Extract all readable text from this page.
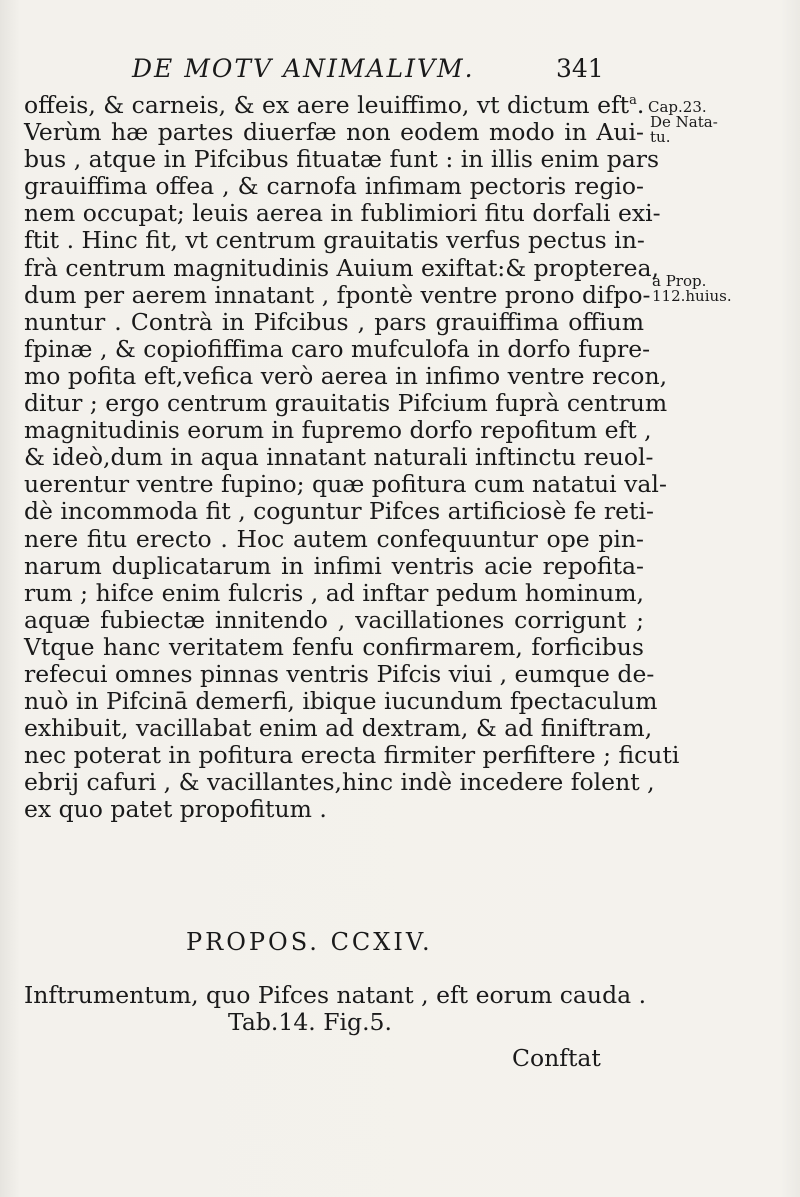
DE MOTV ANIMALIVM.	341
offeis, & carneis, & ex aere leuiffimo, vt dictum eft$^a$.
Verùm hæ partes diuerfæ non eodem modo in Aui-
bus , atque in Pifcibus fituatæ funt : in illis enim pars
grauiffima offea , & carnofa infimam pectoris regio-
nem occupat; leuis aerea in fublimiori fitu dorfali exi-
ftit . Hinc fit, vt centrum grauitatis verfus pectus in-
frà centrum magnitudinis Auium exiftat:& propterea,
dum per aerem innatant , fpontè ventre prono difpo-
nuntur . Contrà in Pifcibus , pars grauiffima offium
fpinæ , & copiofiffima caro mufculofa in dorfo fupre-
mo pofita eft,vefica verò aerea in infimo ventre recon,
ditur ; ergo centrum grauitatis Pifcium fuprà centrum
magnitudinis eorum in fupremo dorfo repofitum eft ,
& ideò,dum in aqua innatant naturali inftinctu reuol-
uerentur ventre fupino; quæ pofitura cum natatui val-
dè incommoda fit , coguntur Pifces artificiosè fe reti-
nere fitu erecto . Hoc autem confequuntur ope pin-
narum duplicatarum in infimi ventris acie repofita-
rum ; hifce enim fulcris , ad inftar pedum hominum,
aquæ fubiectæ innitendo , vacillationes corrigunt ;
Vtque hanc veritatem fenfu confirmarem, forficibus
refecui omnes pinnas ventris Pifcis viui , eumque de-
nuò in Pifcinā demerfi, ibique iucundum fpectaculum
exhibuit, vacillabat enim ad dextram, & ad finiftram,
nec poterat in pofitura erecta firmiter perfiftere ; ficuti
ebrij cafuri , & vacillantes,hinc indè incedere folent ,
ex quo patet propofitum .
Cap.23.
De Nata-
tu.
a Prop.
112.huius.
PROPOS. CCXIV.
Inftrumentum, quo Pifces natant , eft eorum cauda .
Tab.14. Fig.5.
Conftat
